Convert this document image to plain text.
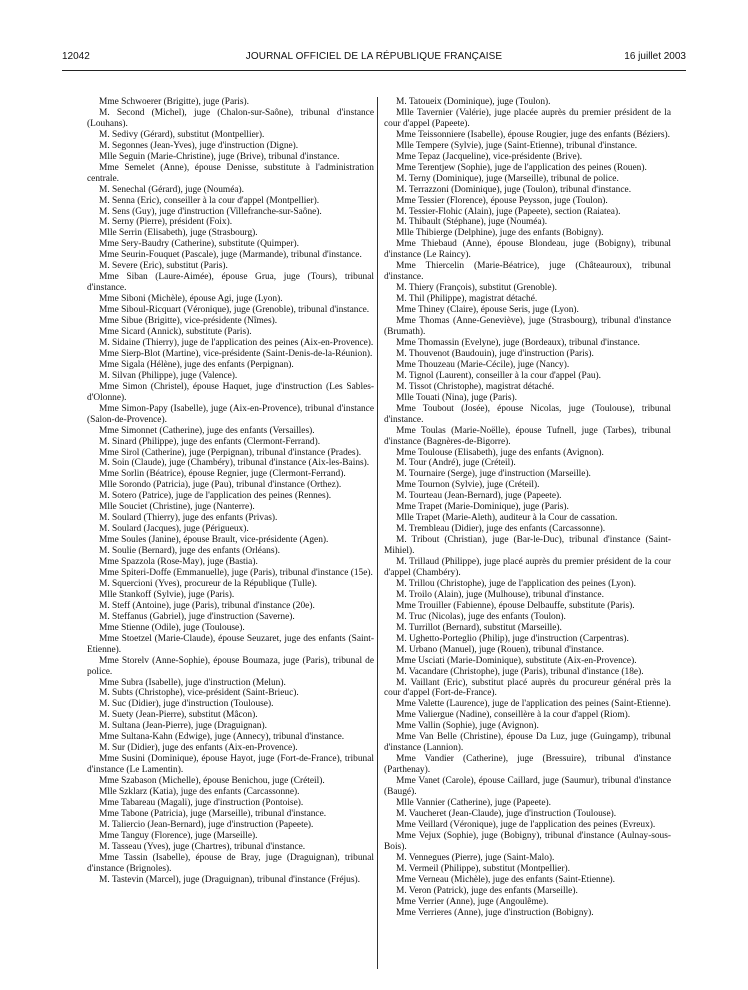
12042	JOURNAL OFFICIEL DE LA RÉPUBLIQUE FRANÇAISE	16 juillet 2003

Mme Schwoerer (Brigitte), juge (Paris).

M. Second (Michel), juge (Chalon-sur-Saône), tribunal d'instance (Louhans).

M. Sedivy (Gérard), substitut (Montpellier).

M. Segonnes (Jean-Yves), juge d'instruction (Digne).

Mlle Seguin (Marie-Christine), juge (Brive), tribunal d'instance.

Mme Semelet (Anne), épouse Denisse, substitute à l'administration centrale.

M. Senechal (Gérard), juge (Nouméa).

M. Senna (Eric), conseiller à la cour d'appel (Montpellier).

M. Sens (Guy), juge d'instruction (Villefranche-sur-Saône).

M. Serny (Pierre), président (Foix).

Mlle Serrin (Elisabeth), juge (Strasbourg).

Mme Sery-Baudry (Catherine), substitute (Quimper).

Mme Seurin-Fouquet (Pascale), juge (Marmande), tribunal d'instance.

M. Severe (Eric), substitut (Paris).

Mme Siban (Laure-Aimée), épouse Grua, juge (Tours), tribunal d'instance.

Mme Siboni (Michèle), épouse Agi, juge (Lyon).

Mme Siboul-Ricquart (Véronique), juge (Grenoble), tribunal d'instance.

Mme Sibue (Brigitte), vice-présidente (Nîmes).

Mme Sicard (Annick), substitute (Paris).

M. Sidaine (Thierry), juge de l'application des peines (Aix-en-Provence).

Mme Sierp-Blot (Martine), vice-présidente (Saint-Denis-de-la-Réunion).

Mme Sigala (Hélène), juge des enfants (Perpignan).

M. Silvan (Philippe), juge (Valence).

Mme Simon (Christel), épouse Haquet, juge d'instruction (Les Sables-d'Olonne).

Mme Simon-Papy (Isabelle), juge (Aix-en-Provence), tribunal d'instance (Salon-de-Provence).

Mme Simonnet (Catherine), juge des enfants (Versailles).

M. Sinard (Philippe), juge des enfants (Clermont-Ferrand).

Mme Sirol (Catherine), juge (Perpignan), tribunal d'instance (Prades).

M. Soin (Claude), juge (Chambéry), tribunal d'instance (Aix-les-Bains).

Mme Sorlin (Béatrice), épouse Regnier, juge (Clermont-Ferrand).

Mlle Sorondo (Patricia), juge (Pau), tribunal d'instance (Orthez).

M. Sotero (Patrice), juge de l'application des peines (Rennes).

Mlle Souciet (Christine), juge (Nanterre).

M. Soulard (Thierry), juge des enfants (Privas).

M. Soulard (Jacques), juge (Périgueux).

Mme Soules (Janine), épouse Brault, vice-présidente (Agen).

M. Soulie (Bernard), juge des enfants (Orléans).

Mme Spazzola (Rose-May), juge (Bastia).

Mme Spiteri-Doffe (Emmanuelle), juge (Paris), tribunal d'instance (15e).

M. Squercioni (Yves), procureur de la République (Tulle).

Mlle Stankoff (Sylvie), juge (Paris).

M. Steff (Antoine), juge (Paris), tribunal d'instance (20e).

M. Steffanus (Gabriel), juge d'instruction (Saverne).

Mme Stienne (Odile), juge (Toulouse).

Mme Stoetzel (Marie-Claude), épouse Seuzaret, juge des enfants (Saint-Etienne).

Mme Storelv (Anne-Sophie), épouse Boumaza, juge (Paris), tribunal de police.

Mme Subra (Isabelle), juge d'instruction (Melun).

M. Subts (Christophe), vice-président (Saint-Brieuc).

M. Suc (Didier), juge d'instruction (Toulouse).

M. Suety (Jean-Pierre), substitut (Mâcon).

M. Sultana (Jean-Pierre), juge (Draguignan).

Mme Sultana-Kahn (Edwige), juge (Annecy), tribunal d'instance.

M. Sur (Didier), juge des enfants (Aix-en-Provence).

Mme Susini (Dominique), épouse Hayot, juge (Fort-de-France), tribunal d'instance (Le Lamentin).

Mme Szabason (Michelle), épouse Benichou, juge (Créteil).

Mlle Szklarz (Katia), juge des enfants (Carcassonne).

Mme Tabareau (Magali), juge d'instruction (Pontoise).

Mme Tabone (Patricia), juge (Marseille), tribunal d'instance.

M. Taliercio (Jean-Bernard), juge d'instruction (Papeete).

Mme Tanguy (Florence), juge (Marseille).

M. Tasseau (Yves), juge (Chartres), tribunal d'instance.

Mme Tassin (Isabelle), épouse de Bray, juge (Draguignan), tribunal d'instance (Brignoles).

M. Tastevin (Marcel), juge (Draguignan), tribunal d'instance (Fréjus).

M. Tatoueix (Dominique), juge (Toulon).

Mlle Tavernier (Valérie), juge placée auprès du premier président de la cour d'appel (Papeete).

Mme Teissonniere (Isabelle), épouse Rougier, juge des enfants (Béziers).

Mlle Tempere (Sylvie), juge (Saint-Etienne), tribunal d'instance.

Mme Tepaz (Jacqueline), vice-présidente (Brive).

Mme Terentjew (Sophie), juge de l'application des peines (Rouen).

M. Terny (Dominique), juge (Marseille), tribunal de police.

M. Terrazzoni (Dominique), juge (Toulon), tribunal d'instance.

Mme Tessier (Florence), épouse Peysson, juge (Toulon).

M. Tessier-Flohic (Alain), juge (Papeete), section (Raiatea).

M. Thibault (Stéphane), juge (Nouméa).

Mlle Thibierge (Delphine), juge des enfants (Bobigny).

Mme Thiebaud (Anne), épouse Blondeau, juge (Bobigny), tribunal d'instance (Le Raincy).

Mme Thiercelin (Marie-Béatrice), juge (Châteauroux), tribunal d'instance.

M. Thiery (François), substitut (Grenoble).

M. Thil (Philippe), magistrat détaché.

Mme Thiney (Claire), épouse Seris, juge (Lyon).

Mme Thomas (Anne-Geneviève), juge (Strasbourg), tribunal d'instance (Brumath).

Mme Thomassin (Evelyne), juge (Bordeaux), tribunal d'instance.

M. Thouvenot (Baudouin), juge d'instruction (Paris).

Mme Thouzeau (Marie-Cécile), juge (Nancy).

M. Tignol (Laurent), conseiller à la cour d'appel (Pau).

M. Tissot (Christophe), magistrat détaché.

Mlle Touati (Nina), juge (Paris).

Mme Toubout (Josée), épouse Nicolas, juge (Toulouse), tribunal d'instance.

Mme Toulas (Marie-Noëlle), épouse Tufnell, juge (Tarbes), tribunal d'instance (Bagnères-de-Bigorre).

Mme Toulouse (Elisabeth), juge des enfants (Avignon).

M. Tour (André), juge (Créteil).

M. Tournaire (Serge), juge d'instruction (Marseille).

Mme Tournon (Sylvie), juge (Créteil).

M. Tourteau (Jean-Bernard), juge (Papeete).

Mme Trapet (Marie-Dominique), juge (Paris).

Mlle Trapet (Marie-Aleth), auditeur à la Cour de cassation.

M. Trembleau (Didier), juge des enfants (Carcassonne).

M. Tribout (Christian), juge (Bar-le-Duc), tribunal d'instance (Saint-Mihiel).

M. Trillaud (Philippe), juge placé auprès du premier président de la cour d'appel (Chambéry).

M. Trillou (Christophe), juge de l'application des peines (Lyon).

M. Troilo (Alain), juge (Mulhouse), tribunal d'instance.

Mme Trouiller (Fabienne), épouse Delbauffe, substitute (Paris).

M. Truc (Nicolas), juge des enfants (Toulon).

M. Turrillot (Bernard), substitut (Marseille).

M. Ughetto-Porteglio (Philip), juge d'instruction (Carpentras).

M. Urbano (Manuel), juge (Rouen), tribunal d'instance.

Mme Usciati (Marie-Dominique), substitute (Aix-en-Provence).

M. Vacandare (Christophe), juge (Paris), tribunal d'instance (18e).

M. Vaillant (Eric), substitut placé auprès du procureur général près la cour d'appel (Fort-de-France).

Mme Valette (Laurence), juge de l'application des peines (Saint-Etienne).

Mme Valiergue (Nadine), conseillère à la cour d'appel (Riom).

Mme Vallin (Sophie), juge (Avignon).

Mme Van Belle (Christine), épouse Da Luz, juge (Guingamp), tribunal d'instance (Lannion).

Mme Vandier (Catherine), juge (Bressuire), tribunal d'instance (Parthenay).

Mme Vanet (Carole), épouse Caillard, juge (Saumur), tribunal d'instance (Baugé).

Mlle Vannier (Catherine), juge (Papeete).

M. Vaucheret (Jean-Claude), juge d'instruction (Toulouse).

Mme Veillard (Véronique), juge de l'application des peines (Evreux).

Mme Vejux (Sophie), juge (Bobigny), tribunal d'instance (Aulnay-sous-Bois).

M. Vennegues (Pierre), juge (Saint-Malo).

M. Vermeil (Philippe), substitut (Montpellier).

Mme Verneau (Michèle), juge des enfants (Saint-Etienne).

M. Veron (Patrick), juge des enfants (Marseille).

Mme Verrier (Anne), juge (Angoulême).

Mme Verrieres (Anne), juge d'instruction (Bobigny).
